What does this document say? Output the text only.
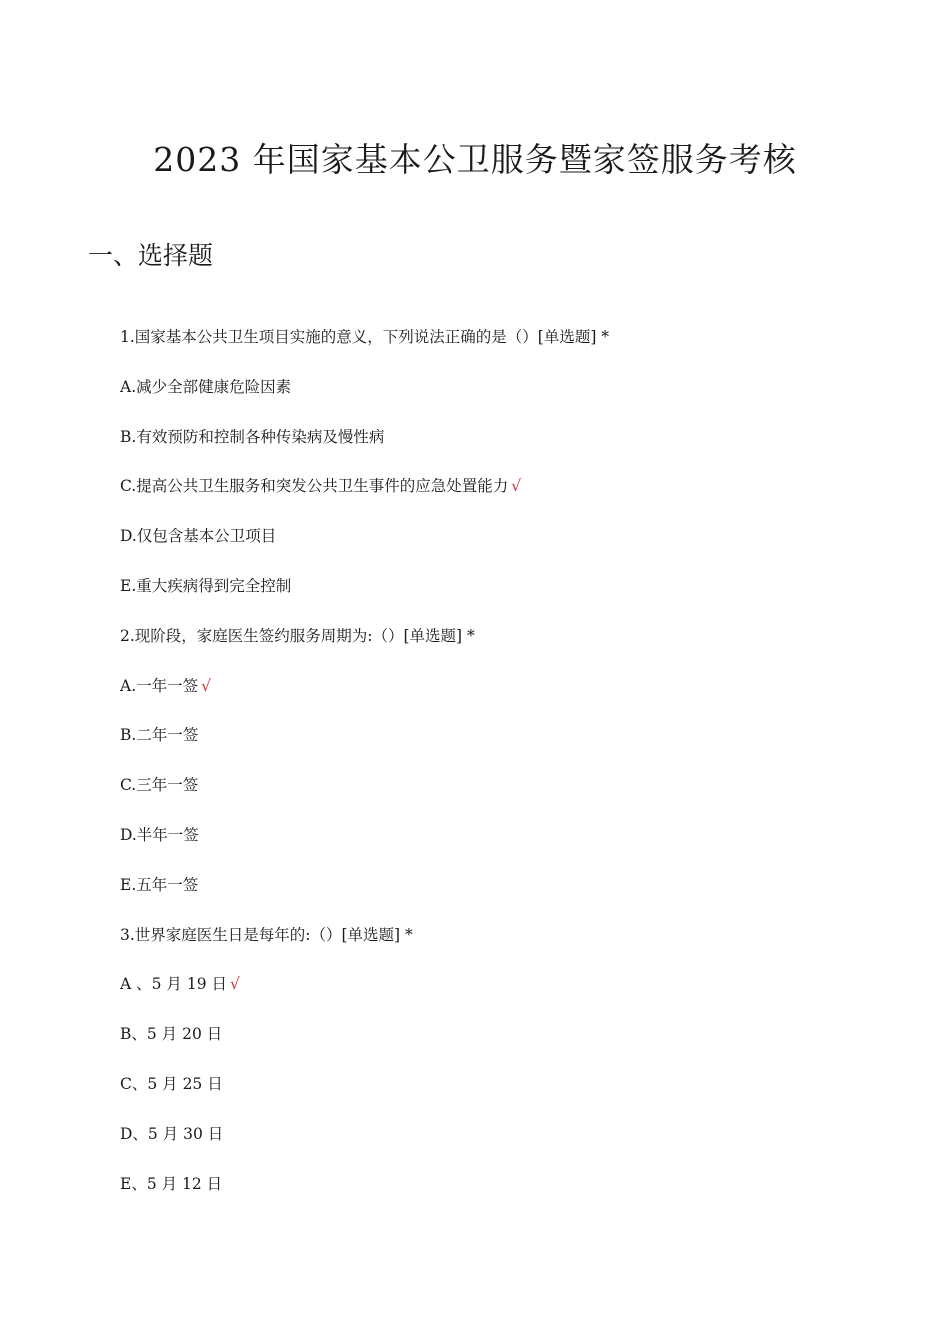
2023 年国家基本公卫服务暨家签服务考核
一、选择题
1.国家基本公共卫生项目实施的意义，下列说法正确的是（）[单选题] *
A.减少全部健康危险因素
B.有效预防和控制各种传染病及慢性病
C.提高公共卫生服务和突发公共卫生事件的应急处置能力 √
D.仅包含基本公卫项目
E.重大疾病得到完全控制
2.现阶段，家庭医生签约服务周期为:（）[单选题] *
A.一年一签 √
B.二年一签
C.三年一签
D.半年一签
E.五年一签
3.世界家庭医生日是每年的:（）[单选题] *
A 、5 月 19 日 √
B、5 月 20 日
C、5 月 25 日
D、5 月 30 日
E、5 月 12 日
